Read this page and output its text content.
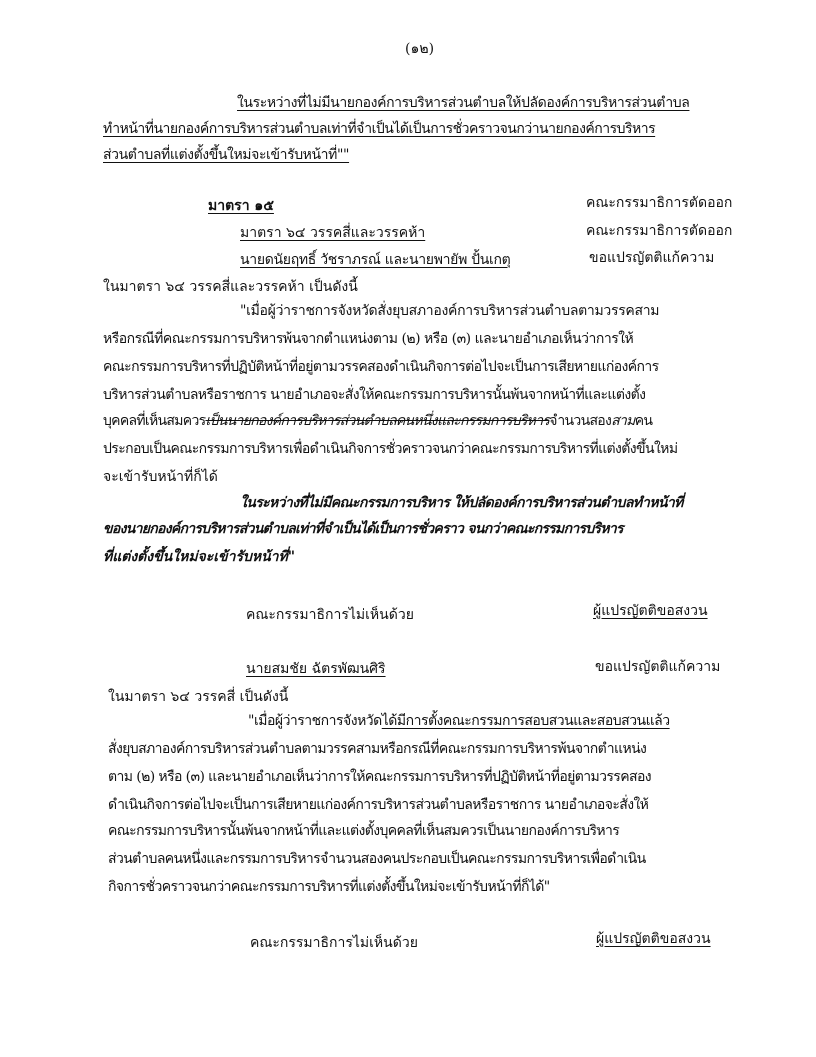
(๑๒)
ในระหว่างที่ไม่มีนายกองค์การบริหารส่วนตำบลให้ปลัดองค์การบริหารส่วนตำบล
ทำหน้าที่นายกองค์การบริหารส่วนตำบลเท่าที่จำเป็นได้เป็นการชั่วคราวจนกว่านายกองค์การบริหาร
ส่วนตำบลที่แต่งตั้งขึ้นใหม่จะเข้ารับหน้าที่""
มาตรา ๑๕	คณะกรรมาธิการตัดออก
มาตรา ๖๔ วรรคสี่และวรรคห้า	คณะกรรมาธิการตัดออก
นายดนัยฤทธิ์ วัชราภรณ์ และนายพายัพ ปั้นเกตุ	ขอแปรญัตติแก้ความ
ในมาตรา ๖๔ วรรคสี่และวรรคห้า เป็นดังนี้
"เมื่อผู้ว่าราชการจังหวัดสั่งยุบสภาองค์การบริหารส่วนตำบลตามวรรคสาม
หรือกรณีที่คณะกรรมการบริหารพ้นจากตำแหน่งตาม (๒) หรือ (๓) และนายอำเภอเห็นว่าการให้
คณะกรรมการบริหารที่ปฏิบัติหน้าที่อยู่ตามวรรคสองดำเนินกิจการต่อไปจะเป็นการเสียหายแก่องค์การ
บริหารส่วนตำบลหรือราชการ นายอำเภอจะสั่งให้คณะกรรมการบริหารนั้นพ้นจากหน้าที่และแต่งตั้ง
บุคคลที่เห็นสมควรเป็นนายกองค์การบริหารส่วนตำบลคนหนึ่งและกรรมการบริหารจำนวนสองสามคน
ประกอบเป็นคณะกรรมการบริหารเพื่อดำเนินกิจการชั่วคราวจนกว่าคณะกรรมการบริหารที่แต่งตั้งขึ้นใหม่
จะเข้ารับหน้าที่ก็ได้
ในระหว่างที่ไม่มีคณะกรรมการบริหาร ให้ปลัดองค์การบริหารส่วนตำบลทำหน้าที่
ของนายกองค์การบริหารส่วนตำบลเท่าที่จำเป็นได้เป็นการชั่วคราว จนกว่าคณะกรรมการบริหาร
ที่แต่งตั้งขึ้นใหม่จะเข้ารับหน้าที่"
คณะกรรมาธิการไม่เห็นด้วย	ผู้แปรญัตติขอสงวน
นายสมชัย ฉัตรพัฒนศิริ	ขอแปรญัตติแก้ความ
ในมาตรา ๖๔ วรรคสี่ เป็นดังนี้
"เมื่อผู้ว่าราชการจังหวัดได้มีการตั้งคณะกรรมการสอบสวนและสอบสวนแล้ว
สั่งยุบสภาองค์การบริหารส่วนตำบลตามวรรคสามหรือกรณีที่คณะกรรมการบริหารพ้นจากตำแหน่ง
ตาม (๒) หรือ (๓) และนายอำเภอเห็นว่าการให้คณะกรรมการบริหารที่ปฏิบัติหน้าที่อยู่ตามวรรคสอง
ดำเนินกิจการต่อไปจะเป็นการเสียหายแก่องค์การบริหารส่วนตำบลหรือราชการ นายอำเภอจะสั่งให้
คณะกรรมการบริหารนั้นพ้นจากหน้าที่และแต่งตั้งบุคคลที่เห็นสมควรเป็นนายกองค์การบริหาร
ส่วนตำบลคนหนึ่งและกรรมการบริหารจำนวนสองคนประกอบเป็นคณะกรรมการบริหารเพื่อดำเนิน
กิจการชั่วคราวจนกว่าคณะกรรมการบริหารที่แต่งตั้งขึ้นใหม่จะเข้ารับหน้าที่ก็ได้"
คณะกรรมาธิการไม่เห็นด้วย	ผู้แปรญัตติขอสงวน
